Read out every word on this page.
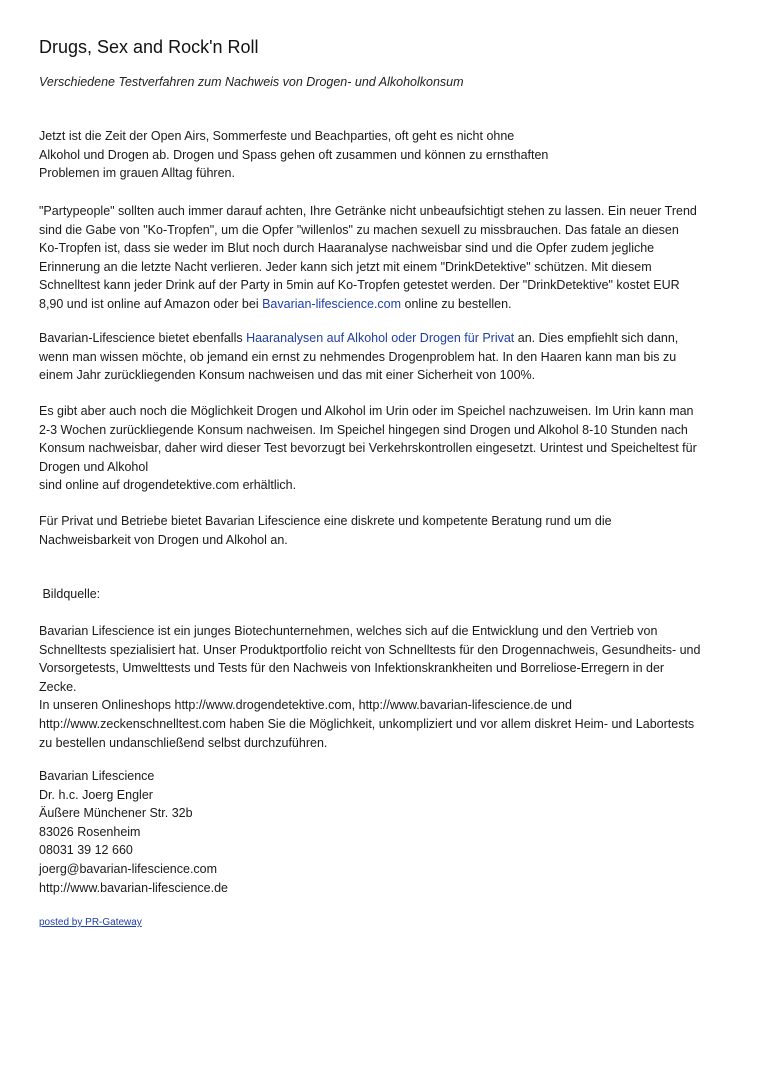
Drugs, Sex and Rock'n Roll
Verschiedene Testverfahren zum Nachweis von Drogen- und Alkoholkonsum
Jetzt ist die Zeit der Open Airs, Sommerfeste und Beachparties, oft geht es nicht ohne
Alkohol und Drogen ab. Drogen und Spass gehen oft zusammen und können zu ernsthaften
Problemen im grauen Alltag führen.
"Partypeople" sollten auch immer darauf achten, Ihre Getränke nicht unbeaufsichtigt stehen zu lassen. Ein neuer Trend
sind die Gabe von "Ko-Tropfen", um die Opfer "willenlos" zu machen sexuell zu missbrauchen. Das fatale an diesen
Ko-Tropfen ist, dass sie weder im Blut noch durch Haaranalyse nachweisbar sind und die Opfer zudem jegliche
Erinnerung an die letzte Nacht verlieren. Jeder kann sich jetzt mit einem "DrinkDetektive" schützen. Mit diesem
Schnelltest kann jeder Drink auf der Party in 5min auf Ko-Tropfen getestet werden. Der "DrinkDetektive" kostet EUR
8,90 und ist online auf Amazon oder bei Bavarian-lifescience.com online zu bestellen.
Bavarian-Lifescience bietet ebenfalls Haaranalysen auf Alkohol oder Drogen für Privat an. Dies empfiehlt sich dann,
wenn man wissen möchte, ob jemand ein ernst zu nehmendes Drogenproblem hat. In den Haaren kann man bis zu
einem Jahr zurückliegenden Konsum nachweisen und das mit einer Sicherheit von 100%.
Es gibt aber auch noch die Möglichkeit Drogen und Alkohol im Urin oder im Speichel nachzuweisen. Im Urin kann man
2-3 Wochen zurückliegende Konsum nachweisen. Im Speichel hingegen sind Drogen und Alkohol 8-10 Stunden nach
Konsum nachweisbar, daher wird dieser Test bevorzugt bei Verkehrskontrollen eingesetzt. Urintest und Speicheltest für
Drogen und Alkohol
sind online auf drogendetektive.com erhältlich.
Für Privat und Betriebe bietet Bavarian Lifescience eine diskrete und kompetente Beratung rund um die
Nachweisbarkeit von Drogen und Alkohol an.
Bildquelle:
Bavarian Lifescience ist ein junges Biotechunternehmen, welches sich auf die Entwicklung und den Vertrieb von
Schnelltests spezialisiert hat. Unser Produktportfolio reicht von Schnelltests für den Drogennachweis, Gesundheits- und
Vorsorgetests, Umwelttests und Tests für den Nachweis von Infektionskrankheiten und Borreliose-Erregern in der
Zecke.
In unseren Onlineshops http://www.drogendetektive.com, http://www.bavarian-lifescience.de und
http://www.zeckenschnelltest.com haben Sie die Möglichkeit, unkompliziert und vor allem diskret Heim- und Labortests
zu bestellen undanschließend selbst durchzuführen.
Bavarian Lifescience
Dr. h.c. Joerg Engler
Äußere Münchener Str. 32b
83026 Rosenheim
08031 39 12 660
joerg@bavarian-lifescience.com
http://www.bavarian-lifescience.de
posted by PR-Gateway
